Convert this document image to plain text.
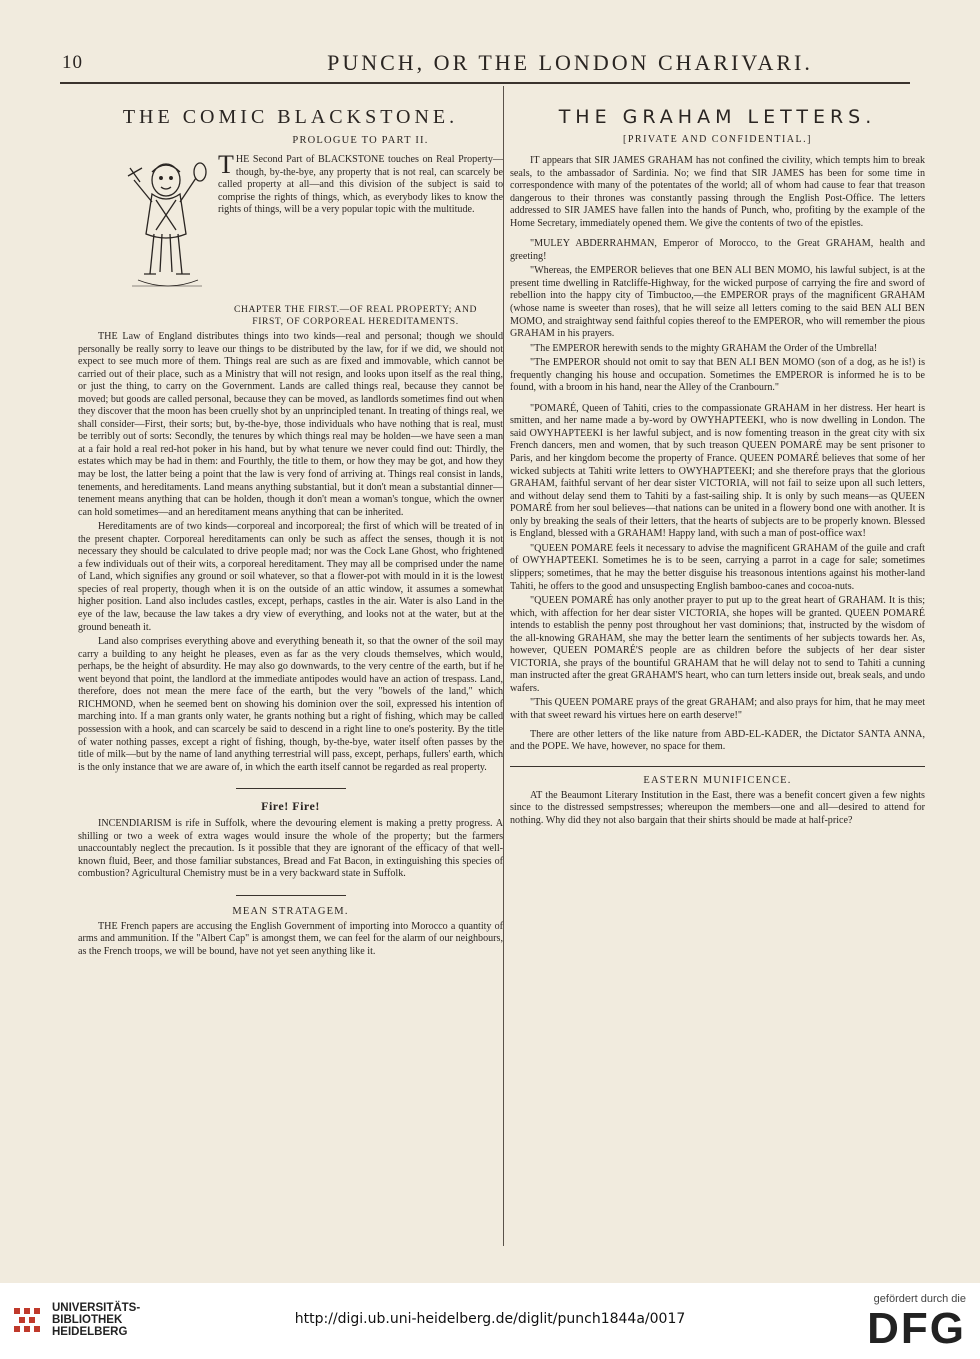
10	PUNCH, OR THE LONDON CHARIVARI.
THE COMIC BLACKSTONE.
PROLOGUE TO PART II.
THE Second Part of BLACKSTONE touches on Real Property—though, by-the-bye, any property that is not real, can scarcely be called property at all—and this division of the subject is said to comprise the rights of things, which, as everybody likes to know the rights of things, will be a very popular topic with the multitude.
CHAPTER THE FIRST.—OF REAL PROPERTY; AND FIRST, OF CORPOREAL HEREDITAMENTS.

THE Law of England distributes things into two kinds—real and personal; though we should personally be really sorry to leave our things to be distributed by the law, for if we did, we should not expect to see much more of them. Things real are such as are fixed and immovable, which cannot be carried out of their place, such as a Ministry that will not resign, and looks upon itself as the real thing, or just the thing, to carry on the Government. Lands are called things real, because they cannot be moved; but goods are called personal, because they can be moved, as landlords sometimes find out when they discover that the moon has been cruelly shot by an unprincipled tenant. In treating of things real, we shall consider—First, their sorts; but, by-the-bye, those individuals who have nothing that is real, must be terribly out of sorts: Secondly, the tenures by which things real may be holden—we have seen a man at a fair hold a real red-hot poker in his hand, but by what tenure we never could find out: Thirdly, the estates which may be had in them: and Fourthly, the title to them, or how they may be got, and how they may be lost, the latter being a point that the law is very fond of arriving at. Things real consist in lands, tenements, and hereditaments. Land means anything substantial, but it don't mean a substantial dinner—tenement means anything that can be holden, though it don't mean a woman's tongue, which the owner can hold sometimes—and an hereditament means anything that can be inherited.

Hereditaments are of two kinds—corporeal and incorporeal; the first of which will be treated of in the present chapter. Corporeal hereditaments can only be such as affect the senses, though it is not necessary they should be calculated to drive people mad; nor was the Cock Lane Ghost, who frightened a few individuals out of their wits, a corporeal hereditament. They may all be comprised under the name of Land, which signifies any ground or soil whatever, so that a flower-pot with mould in it is the lowest species of real property, though when it is on the outside of an attic window, it assumes a somewhat higher position. Land also includes castles, except, perhaps, castles in the air. Water is also Land in the eye of the law, because the law takes a dry view of everything, and looks not at the water, but at the ground beneath it.

Land also comprises everything above and everything beneath it, so that the owner of the soil may carry a building to any height he pleases, even as far as the very clouds themselves, which would, perhaps, be the height of absurdity. He may also go downwards, to the very centre of the earth, but if he went beyond that point, the landlord at the immediate antipodes would have an action of trespass. Land, therefore, does not mean the mere face of the earth, but the very "bowels of the land," which RICHMOND, when he seemed bent on showing his dominion over the soil, expressed his intention of marching into. If a man grants only water, he grants nothing but a right of fishing, which may be called possession with a hook, and can scarcely be said to descend in a right line to one's posterity. By the title of water nothing passes, except a right of fishing, though, by-the-bye, water itself often passes by the title of milk—but by the name of land anything terrestrial will pass, except, perhaps, fullers' earth, which is the only instance that we are aware of, in which the earth itself cannot be regarded as real property.

Fire! Fire!

INCENDIARISM is rife in Suffolk, where the devouring element is making a pretty progress. A shilling or two a week of extra wages would insure the whole of the property; but the farmers unaccountably neglect the precaution. Is it possible that they are ignorant of the efficacy of that well-known fluid, Beer, and those familiar substances, Bread and Fat Bacon, in extinguishing this species of combustion? Agricultural Chemistry must be in a very backward state in Suffolk.

MEAN STRATAGEM.

THE French papers are accusing the English Government of importing into Morocco a quantity of arms and ammunition. If the "Albert Cap" is amongst them, we can feel for the alarm of our neighbours, as the French troops, we will be bound, have not yet seen anything like it.

THE GRAHAM LETTERS.
[PRIVATE AND CONFIDENTIAL.]

IT appears that SIR JAMES GRAHAM has not confined the civility, which tempts him to break seals, to the ambassador of Sardinia. No; we find that SIR JAMES has been for some time in correspondence with many of the potentates of the world; all of whom had cause to fear that treason dangerous to their thrones was constantly passing through the English Post-Office. The letters addressed to SIR JAMES have fallen into the hands of Punch, who, profiting by the example of the Home Secretary, immediately opened them. We give the contents of two of the epistles.

"MULEY ABDERRAHMAN, Emperor of Morocco, to the Great GRAHAM, health and greeting!

"Whereas, the EMPEROR believes that one BEN ALI BEN MOMO, his lawful subject, is at the present time dwelling in Ratcliffe-Highway, for the wicked purpose of carrying the fire and sword of rebellion into the happy city of Timbuctoo,—the EMPEROR prays of the magnificent GRAHAM (whose name is sweeter than roses), that he will seize all letters coming to the said BEN ALI BEN MOMO, and straightway send faithful copies thereof to the EMPEROR, who will remember the pious GRAHAM in his prayers.

"The EMPEROR herewith sends to the mighty GRAHAM the Order of the Umbrella!

"The EMPEROR should not omit to say that BEN ALI BEN MOMO (son of a dog, as he is!) is frequently changing his house and occupation. Sometimes the EMPEROR is informed he is to be found, with a broom in his hand, near the Alley of the Cranbourn."

"POMARÉ, Queen of Tahiti, cries to the compassionate GRAHAM in her distress. Her heart is smitten, and her name made a by-word by OWYHAPTEEKI, who is now dwelling in London. The said OWYHAPTEEKI is her lawful subject, and is now fomenting treason in the great city with six French dancers, men and women, that by such treason QUEEN POMARÉ may be sent prisoner to Paris, and her kingdom become the property of France. QUEEN POMARÉ believes that some of her wicked subjects at Tahiti write letters to OWYHAPTEEKI; and she therefore prays that the glorious GRAHAM, faithful servant of her dear sister VICTORIA, will not fail to seize upon all such letters, and without delay send them to Tahiti by a fast-sailing ship. It is only by such means—as QUEEN POMARÉ from her soul believes—that nations can be united in a flowery bond one with another. It is only by breaking the seals of their letters, that the hearts of subjects are to be properly known. Blessed is England, blessed with a GRAHAM! Happy land, with such a man of post-office wax!

"QUEEN POMARE feels it necessary to advise the magnificent GRAHAM of the guile and craft of OWYHAPTEEKI. Sometimes he is to be seen, carrying a parrot in a cage for sale; sometimes slippers; sometimes, that he may the better disguise his treasonous intentions against his mother-land Tahiti, he offers to the good and unsuspecting English bamboo-canes and cocoa-nuts.

"QUEEN POMARÉ has only another prayer to put up to the great heart of GRAHAM. It is this; which, with affection for her dear sister VICTORIA, she hopes will be granted. QUEEN POMARÉ intends to establish the penny post throughout her vast dominions; that, instructed by the wisdom of the all-knowing GRAHAM, she may the better learn the sentiments of her subjects towards her. As, however, QUEEN POMARÉ'S people are as children before the subjects of her dear sister VICTORIA, she prays of the bountiful GRAHAM that he will delay not to send to Tahiti a cunning man instructed after the great GRAHAM'S heart, who can turn letters inside out, break seals, and undo wafers.

"This QUEEN POMARE prays of the great GRAHAM; and also prays for him, that he may meet with that sweet reward his virtues here on earth deserve!"

There are other letters of the like nature from ABD-EL-KADER, the Dictator SANTA ANNA, and the POPE. We have, however, no space for them.

EASTERN MUNIFICENCE.

AT the Beaumont Literary Institution in the East, there was a benefit concert given a few nights since to the distressed sempstresses; whereupon the members—one and all—desired to attend for nothing. Why did they not also bargain that their shirts should be made at half-price?

UNIVERSITÄTS-
BIBLIOTHEK
HEIDELBERG
http://digi.ub.uni-heidelberg.de/diglit/punch1844a/0017
gefördert durch die
DFG
